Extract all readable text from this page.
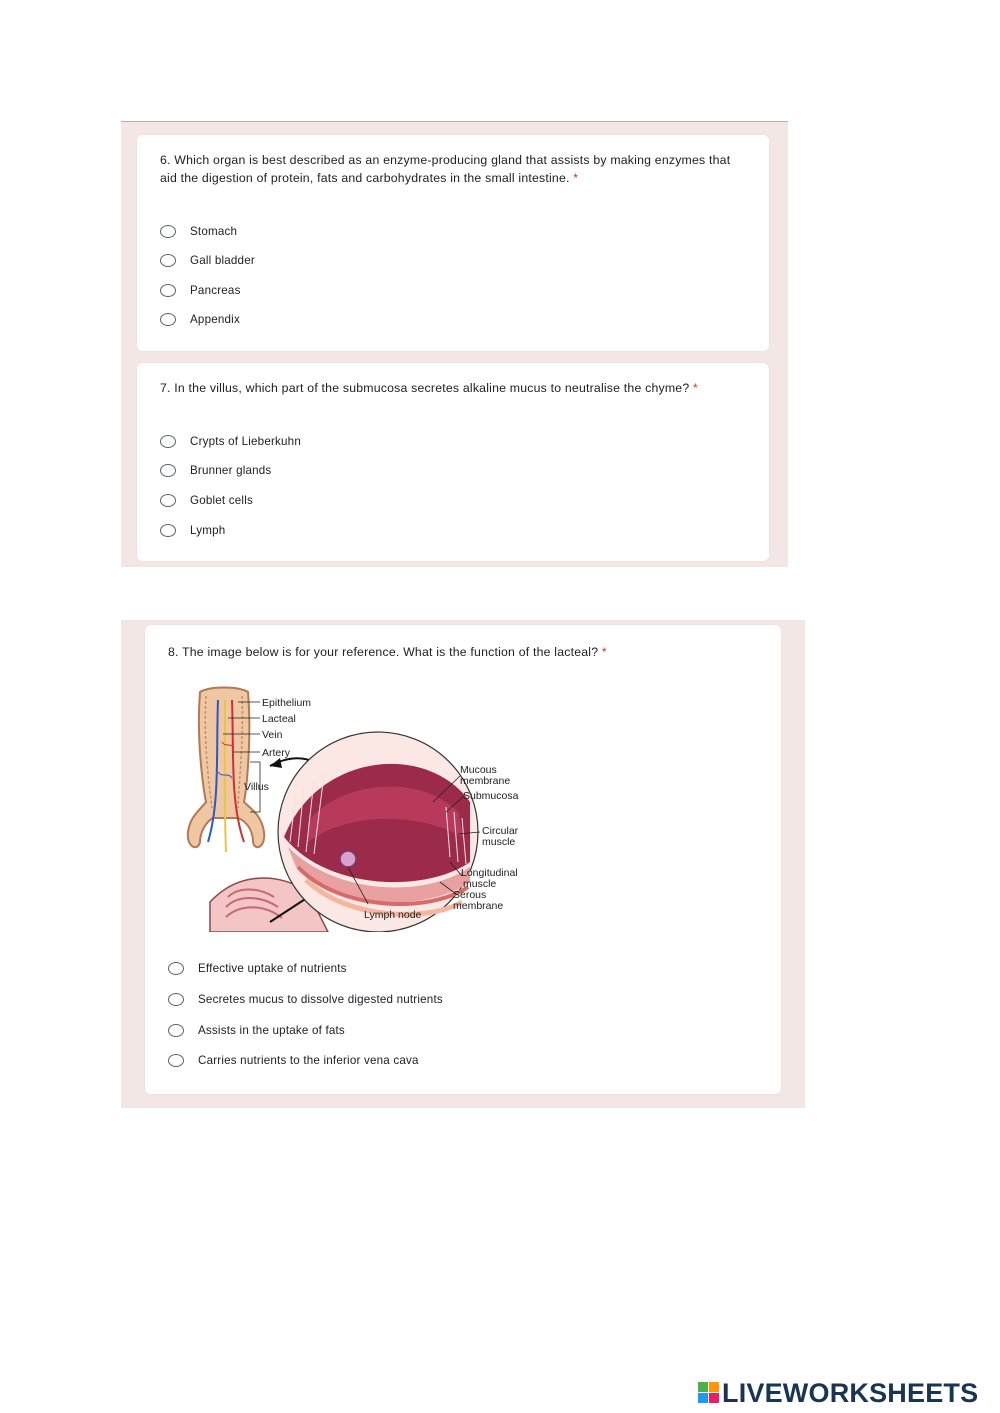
6. Which organ is best described as an enzyme-producing gland that assists by making enzymes that aid the digestion of protein, fats and carbohydrates in the small intestine. *

Stomach
Gall bladder
Pancreas
Appendix

7. In the villus, which part of the submucosa secretes alkaline mucus to neutralise the chyme? *

Crypts of Lieberkuhn
Brunner glands
Goblet cells
Lymph

8. The image below is for your reference. What is the function of the lacteal? *

Effective uptake of nutrients
Secretes mucus to dissolve digested nutrients
Assists in the uptake of fats
Carries nutrients to the inferior vena cava
Epithelium
Lacteal
Vein
Artery
Villus
Mucous
membrane
Submucosa
Circular
muscle
Longitudinal
muscle
Serous
membrane
Lymph node
LIVEWORKSHEETS
